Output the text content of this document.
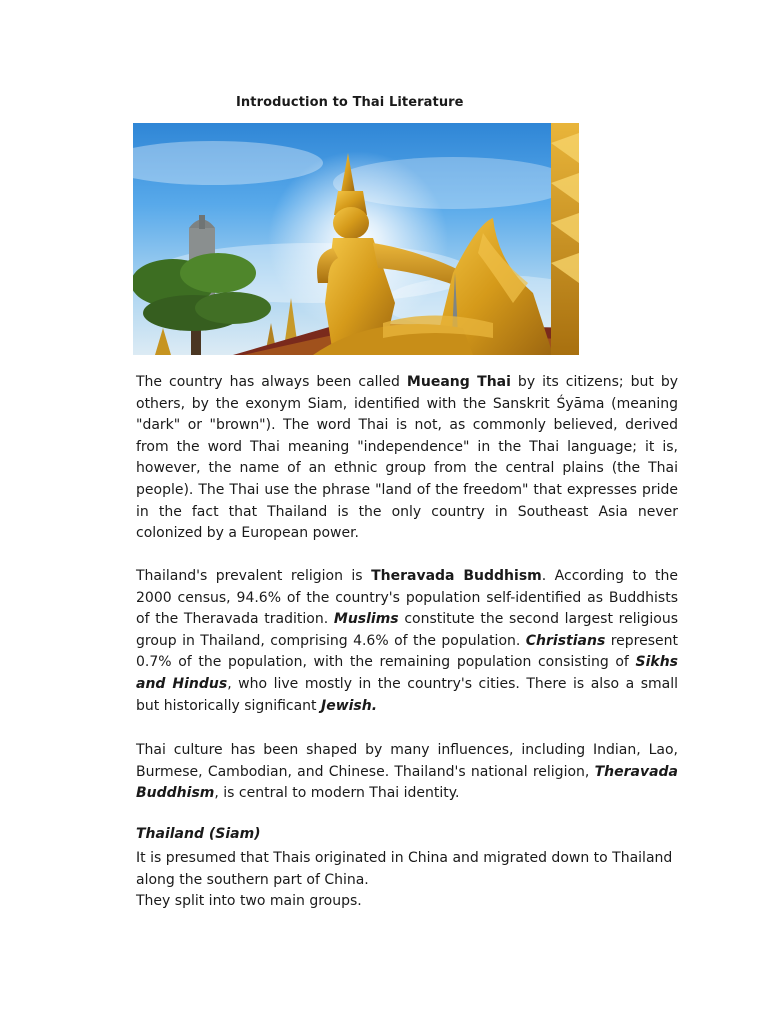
Introduction to Thai Literature

The country has always been called Mueang Thai by its citizens; but by others, by the exonym Siam, identified with the Sanskrit Śyāma (meaning "dark" or "brown"). The word Thai is not, as commonly believed, derived from the word Thai meaning "independence" in the Thai language; it is, however, the name of an ethnic group from the central plains (the Thai people). The Thai use the phrase "land of the freedom" that expresses pride in the fact that Thailand is the only country in Southeast Asia never colonized by a European power.

Thailand's prevalent religion is Theravada Buddhism. According to the 2000 census, 94.6% of the country's population self-identified as Buddhists of the Theravada tradition. Muslims constitute the second largest religious group in Thailand, comprising 4.6% of the population. Christians represent 0.7% of the population, with the remaining population consisting of Sikhs and Hindus, who live mostly in the country's cities. There is also a small but historically significant Jewish.

Thai culture has been shaped by many influences, including Indian, Lao, Burmese, Cambodian, and Chinese. Thailand's national religion, Theravada Buddhism, is central to modern Thai identity.

Thailand (Siam)

It is presumed that Thais originated in China and migrated down to Thailand along the southern part of China.

They split into two main groups.
